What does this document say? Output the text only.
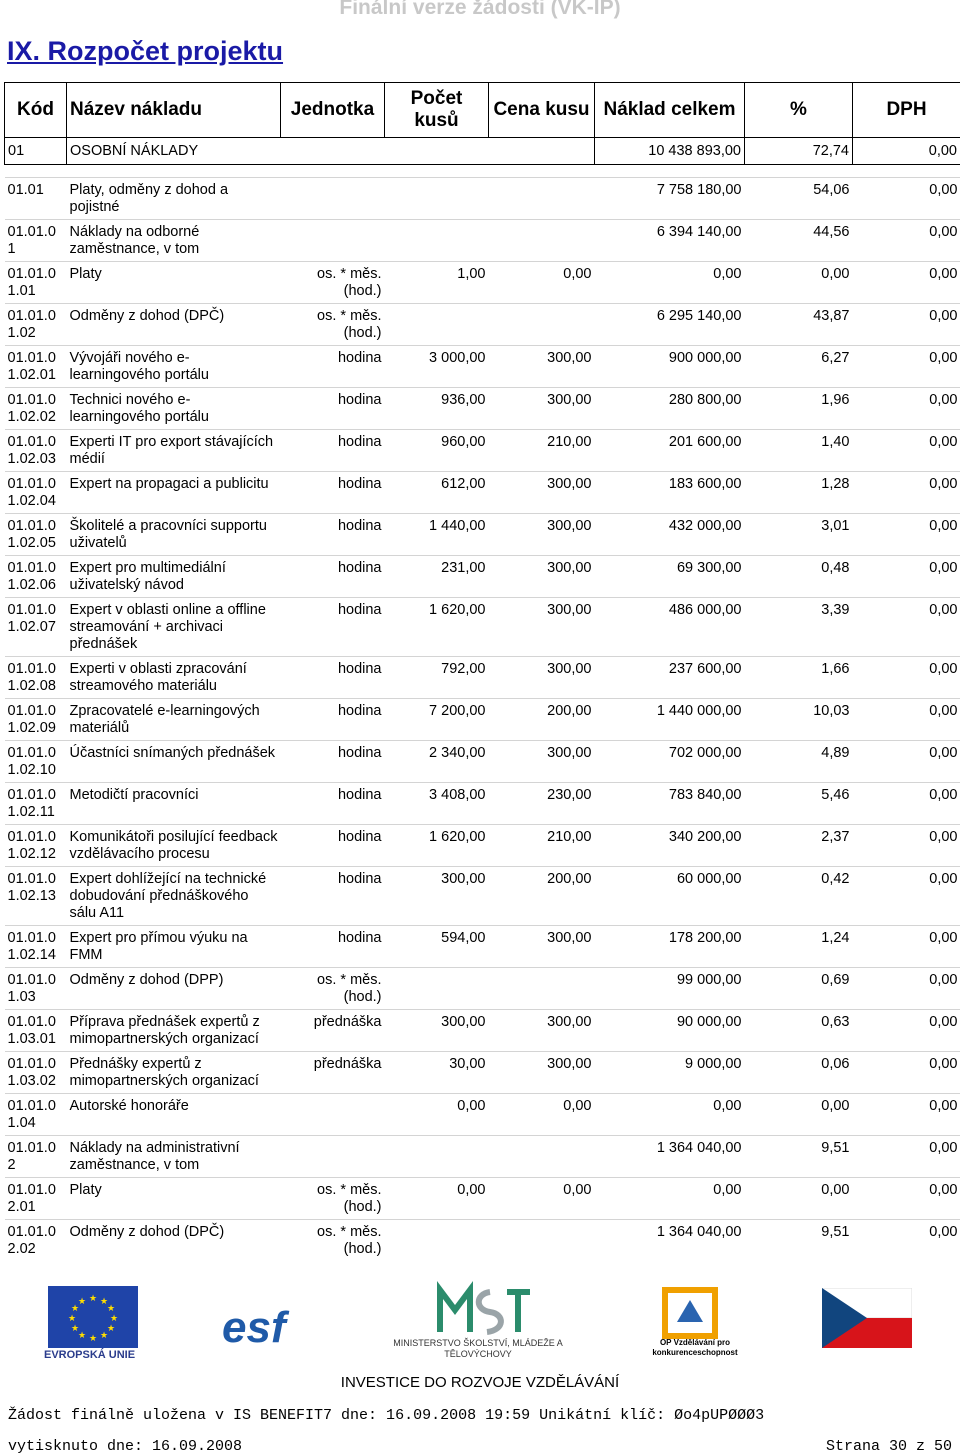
Finální verze žádosti (VK-IP)
IX. Rozpočet projektu
Kód	Název nákladu	Jednotka	Počet kusů	Cena kusu	Náklad celkem	%	DPH
01	OSOBNÍ NÁKLADY				10 438 893,00	72,74	0,00

01.01	Platy, odměny z dohod a pojistné				7 758 180,00	54,06	0,00
01.01.0
1	Náklady na odborné zaměstnance, v tom				6 394 140,00	44,56	0,00
01.01.0
1.01	Platy	os. * měs. (hod.)	1,00	0,00	0,00	0,00	0,00
01.01.0
1.02	Odměny z dohod (DPČ)	os. * měs. (hod.)			6 295 140,00	43,87	0,00
01.01.0
1.02.01	Vývojáři nového e-learningového portálu	hodina	3 000,00	300,00	900 000,00	6,27	0,00
01.01.0
1.02.02	Technici nového e-learningového portálu	hodina	936,00	300,00	280 800,00	1,96	0,00
01.01.0
1.02.03	Experti IT pro export stávajících médií	hodina	960,00	210,00	201 600,00	1,40	0,00
01.01.0
1.02.04	Expert na propagaci a publicitu	hodina	612,00	300,00	183 600,00	1,28	0,00
01.01.0
1.02.05	Školitelé a pracovníci supportu uživatelů	hodina	1 440,00	300,00	432 000,00	3,01	0,00
01.01.0
1.02.06	Expert pro multimediální uživatelský návod	hodina	231,00	300,00	69 300,00	0,48	0,00
01.01.0
1.02.07	Expert v oblasti online a offline streamování + archivaci přednášek	hodina	1 620,00	300,00	486 000,00	3,39	0,00
01.01.0
1.02.08	Experti v oblasti zpracování streamového materiálu	hodina	792,00	300,00	237 600,00	1,66	0,00
01.01.0
1.02.09	Zpracovatelé e-learningových materiálů	hodina	7 200,00	200,00	1 440 000,00	10,03	0,00
01.01.0
1.02.10	Účastníci snímaných přednášek	hodina	2 340,00	300,00	702 000,00	4,89	0,00
01.01.0
1.02.11	Metodičtí pracovníci	hodina	3 408,00	230,00	783 840,00	5,46	0,00
01.01.0
1.02.12	Komunikátoři posilující feedback vzdělávacího procesu	hodina	1 620,00	210,00	340 200,00	2,37	0,00
01.01.0
1.02.13	Expert dohlížející na technické dobudování přednáškového sálu A11	hodina	300,00	200,00	60 000,00	0,42	0,00
01.01.0
1.02.14	Expert pro přímou výuku na FMM	hodina	594,00	300,00	178 200,00	1,24	0,00
01.01.0
1.03	Odměny z dohod (DPP)	os. * měs. (hod.)			99 000,00	0,69	0,00
01.01.0
1.03.01	Příprava přednášek expertů z mimopartnerských organizací	přednáška	300,00	300,00	90 000,00	0,63	0,00
01.01.0
1.03.02	Přednášky expertů z mimopartnerských organizací	přednáška	30,00	300,00	9 000,00	0,06	0,00
01.01.0
1.04	Autorské honoráře		0,00	0,00	0,00	0,00	0,00
01.01.0
2	Náklady na administrativní zaměstnance, v tom				1 364 040,00	9,51	0,00
01.01.0
2.01	Platy	os. * měs. (hod.)	0,00	0,00	0,00	0,00	0,00
01.01.0
2.02	Odměny z dohod (DPČ)	os. * měs. (hod.)			1 364 040,00	9,51	0,00
★ ★
★
★
★
★
★
★
★
★
★
★
EVROPSKÁ UNIE
esf	MINISTERSTVO ŠKOLSTVÍ, MLÁDEŽE A TĚLOVÝCHOVY
OP Vzdělávání pro konkurenceschopnost
INVESTICE DO ROZVOJE VZDĚLÁVÁNÍ
Žádost finálně uložena v IS BENEFIT7 dne: 16.09.2008 19:59 Unikátní klíč: Øo4pUPØØØ3
vytisknuto dne: 16.09.2008	Strana 30 z 50
